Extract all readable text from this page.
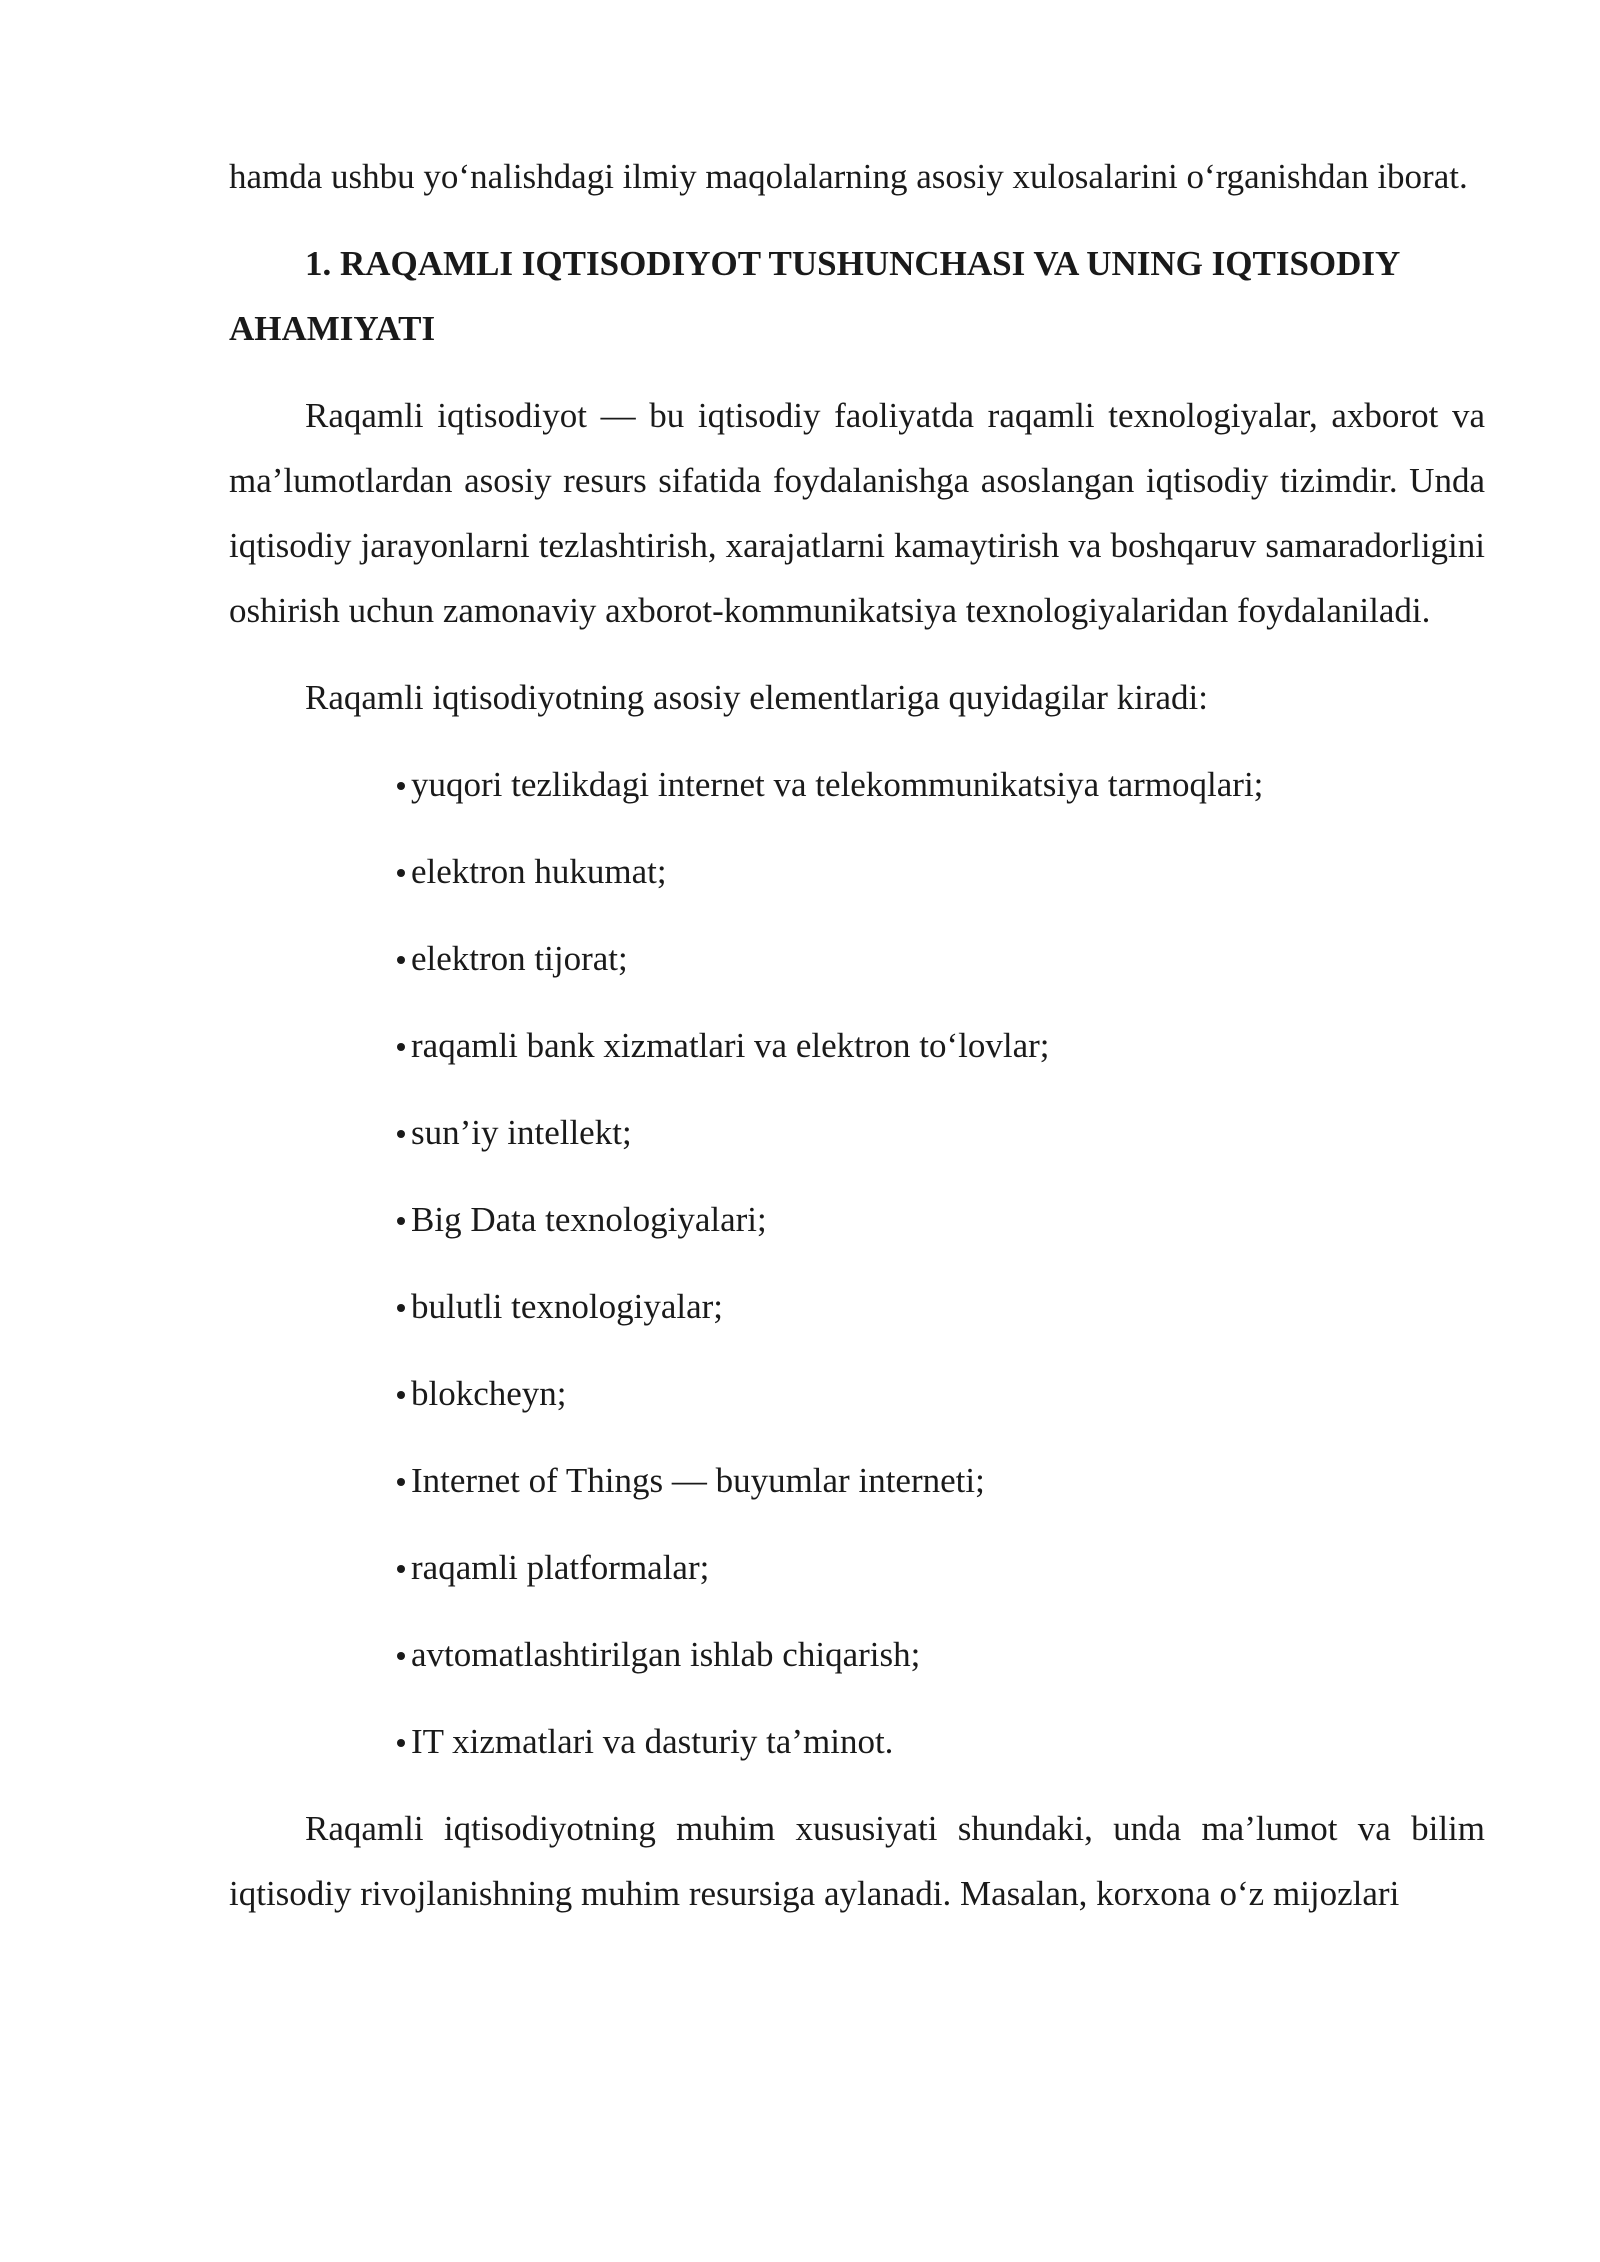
hamda ushbu yo‘nalishdagi ilmiy maqolalarning asosiy xulosalarini o‘rganishdan iborat.

1. RAQAMLI IQTISODIYOT TUSHUNCHASI VA UNING IQTISODIY AHAMIYATI

Raqamli iqtisodiyot — bu iqtisodiy faoliyatda raqamli texnologiyalar, axborot va ma’lumotlardan asosiy resurs sifatida foydalanishga asoslangan iqtisodiy tizimdir. Unda iqtisodiy jarayonlarni tezlashtirish, xarajatlarni kamaytirish va boshqaruv samaradorligini oshirish uchun zamonaviy axborot-kommunikatsiya texnologiyalaridan foydalaniladi.

Raqamli iqtisodiyotning asosiy elementlariga quyidagilar kiradi:

yuqori tezlikdagi internet va telekommunikatsiya tarmoqlari;
elektron hukumat;
elektron tijorat;
raqamli bank xizmatlari va elektron to‘lovlar;
sun’iy intellekt;
Big Data texnologiyalari;
bulutli texnologiyalar;
blokcheyn;
Internet of Things — buyumlar interneti;
raqamli platformalar;
avtomatlashtirilgan ishlab chiqarish;
IT xizmatlari va dasturiy ta’minot.

Raqamli iqtisodiyotning muhim xususiyati shundaki, unda ma’lumot va bilim iqtisodiy rivojlanishning muhim resursiga aylanadi. Masalan, korxona o‘z mijozlari
